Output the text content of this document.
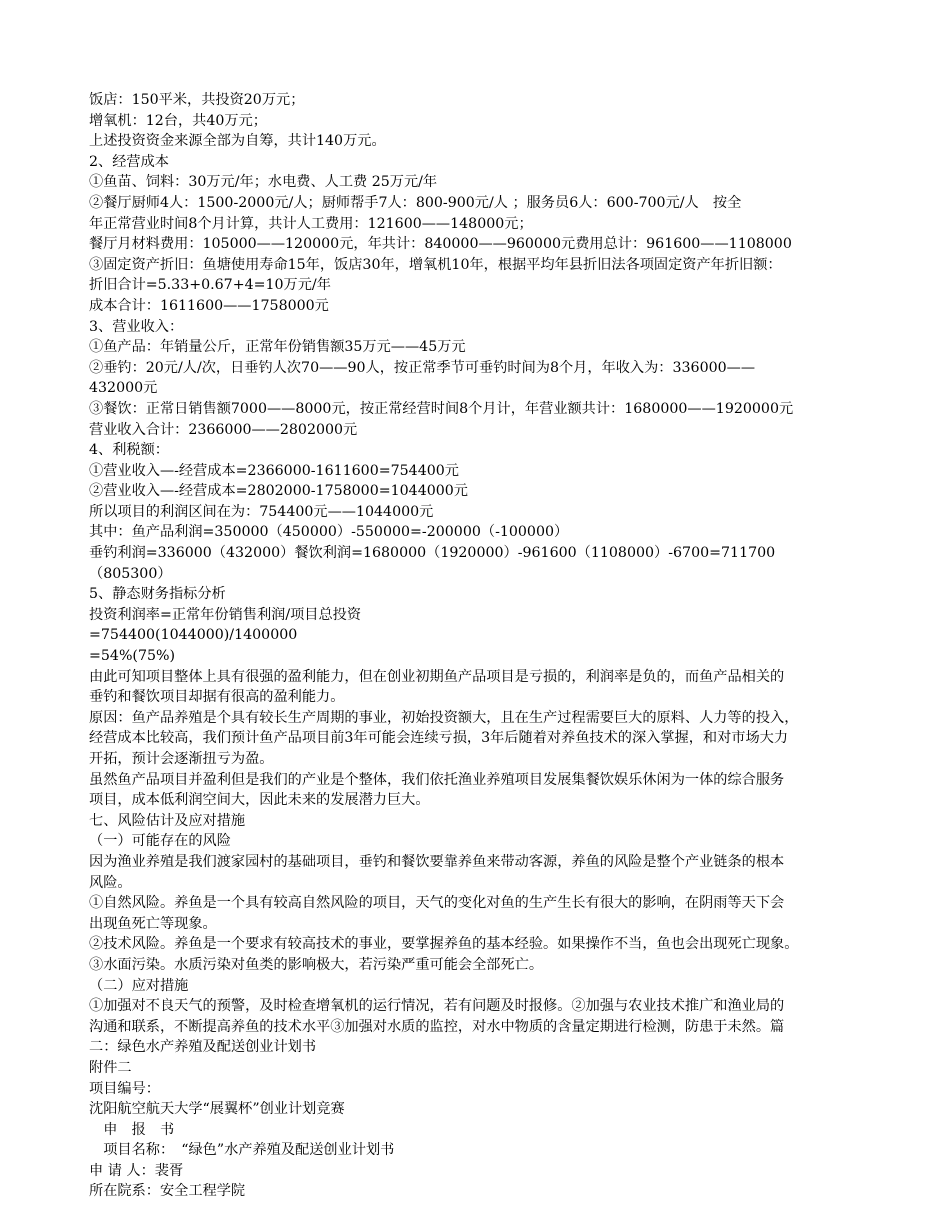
饭店：150平米，共投资20万元；
增氧机：12台，共40万元；
上述投资资金来源全部为自筹，共计140万元。
2、经营成本
①鱼苗、饲料：30万元/年；水电费、人工费 25万元/年
②餐厅厨师4人：1500-2000元/人；厨师帮手7人：800-900元/人 ；服务员6人：600-700元/人　按全
年正常营业时间8个月计算，共计人工费用：121600——148000元；
餐厅月材料费用：105000——120000元，年共计：840000——960000元费用总计：961600——1108000
③固定资产折旧：鱼塘使用寿命15年，饭店30年，增氧机10年，根据平均年县折旧法各项固定资产年折旧额：
折旧合计=5.33+0.67+4=10万元/年
成本合计：1611600——1758000元
3、营业收入：
①鱼产品：年销量公斤，正常年份销售额35万元——45万元
②垂钓：20元/人/次，日垂钓人次70——90人，按正常季节可垂钓时间为8个月，年收入为：336000——
432000元
③餐饮：正常日销售额7000——8000元，按正常经营时间8个月计，年营业额共计：1680000——1920000元
营业收入合计：2366000——2802000元
4、利税额：
①营业收入—-经营成本=2366000-1611600=754400元
②营业收入—-经营成本=2802000-1758000=1044000元
所以项目的利润区间在为：754400元——1044000元
其中：鱼产品利润=350000（450000）-550000=-200000（-100000）
垂钓利润=336000（432000）餐饮利润=1680000（1920000）-961600（1108000）-6700=711700
（805300）
5、静态财务指标分析
投资利润率=正常年份销售利润/项目总投资
=754400(1044000)/1400000
=54%(75%)
由此可知项目整体上具有很强的盈利能力，但在创业初期鱼产品项目是亏损的，利润率是负的，而鱼产品相关的
垂钓和餐饮项目却据有很高的盈利能力。
原因：鱼产品养殖是个具有较长生产周期的事业，初始投资额大，且在生产过程需要巨大的原料、人力等的投入，
经营成本比较高，我们预计鱼产品项目前3年可能会连续亏损，3年后随着对养鱼技术的深入掌握，和对市场大力
开拓，预计会逐渐扭亏为盈。
虽然鱼产品项目并盈利但是我们的产业是个整体，我们依托渔业养殖项目发展集餐饮娱乐休闲为一体的综合服务
项目，成本低利润空间大，因此未来的发展潜力巨大。
七、风险估计及应对措施
（一）可能存在的风险
因为渔业养殖是我们渡家园村的基础项目，垂钓和餐饮要靠养鱼来带动客源，养鱼的风险是整个产业链条的根本
风险。
①自然风险。养鱼是一个具有较高自然风险的项目，天气的变化对鱼的生产生长有很大的影响，在阴雨等天下会
出现鱼死亡等现象。
②技术风险。养鱼是一个要求有较高技术的事业，要掌握养鱼的基本经验。如果操作不当，鱼也会出现死亡现象。
③水面污染。水质污染对鱼类的影响极大，若污染严重可能会全部死亡。
（二）应对措施
①加强对不良天气的预警，及时检查增氧机的运行情况，若有问题及时报修。②加强与农业技术推广和渔业局的
沟通和联系，不断提高养鱼的技术水平③加强对水质的监控，对水中物质的含量定期进行检测，防患于未然。篇
二：绿色水产养殖及配送创业计划书
附件二
项目编号：
沈阳航空航天大学“展翼杯”创业计划竞赛
　申　报　书
　项目名称：　“绿色”水产养殖及配送创业计划书
申 请 人：裴胥
所在院系：安全工程学院
